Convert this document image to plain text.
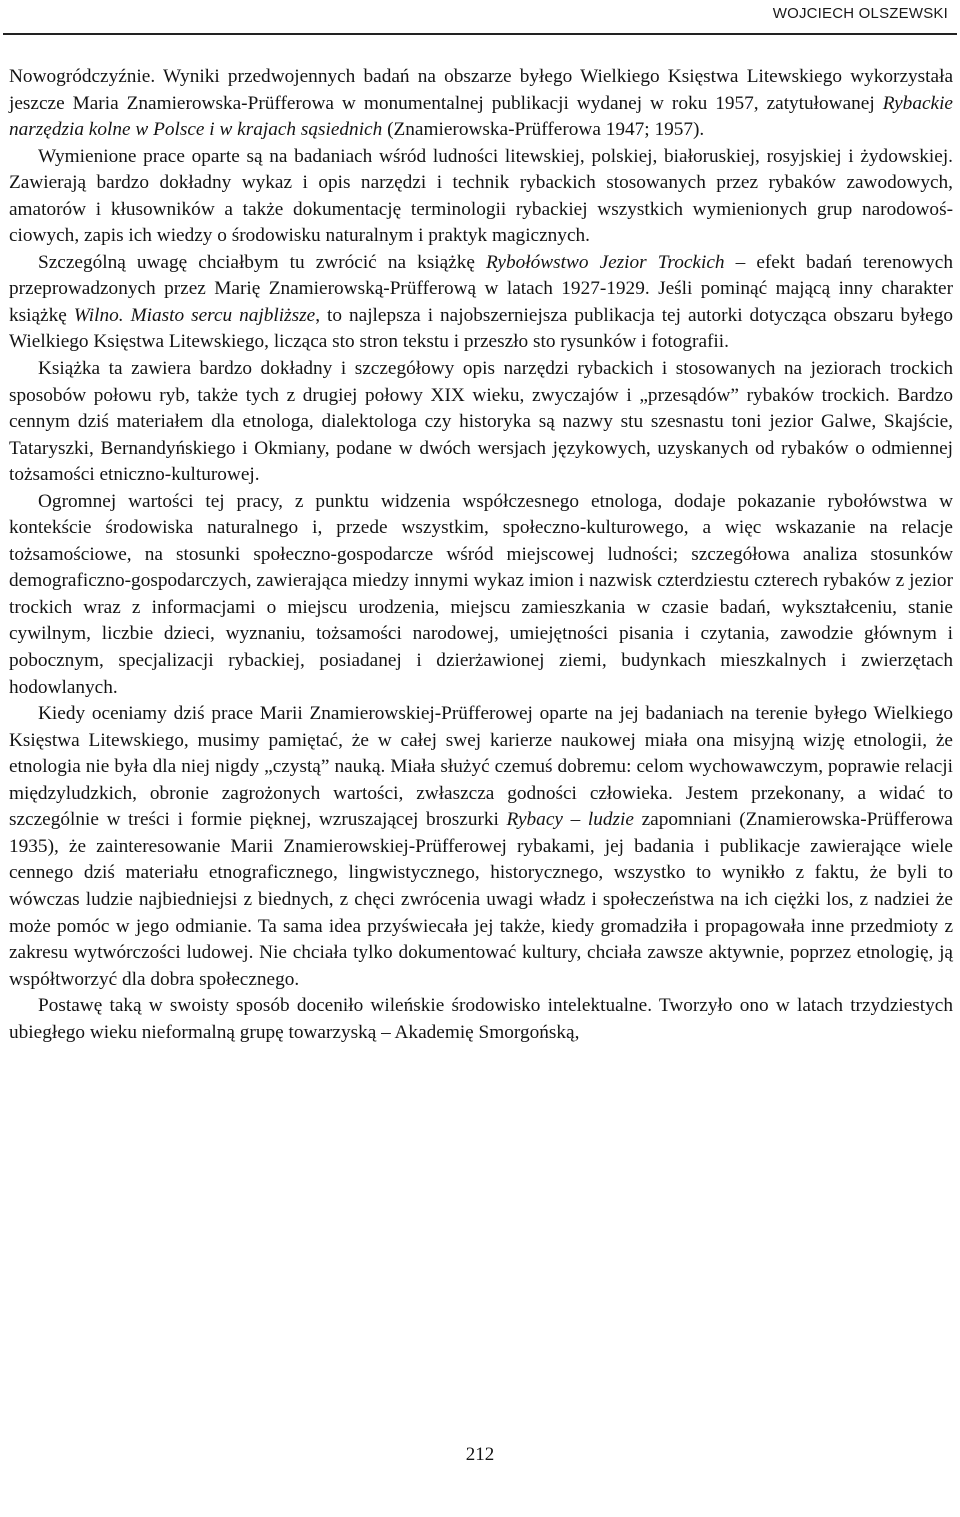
WOJCIECH OLSZEWSKI

Nowogródczyźnie. Wyniki przedwojennych badań na obszarze byłego Wielkiego Księstwa Litewskiego wykorzystała jeszcze Maria Znamierowska-Prüfferowa w monumentalnej publikacji wydanej w roku 1957, zatytułowanej Rybackie narzędzia kolne w Polsce i w krajach sąsiednich (Znamierowska-Prüfferowa 1947; 1957).

Wymienione prace oparte są na badaniach wśród ludności litewskiej, polskiej, białoruskiej, rosyjskiej i żydowskiej. Zawierają bardzo dokładny wykaz i opis narzędzi i technik rybackich stosowanych przez rybaków zawodowych, amatorów i kłusowników a także dokumentację terminologii rybackiej wszystkich wymienionych grup narodowoś-ciowych, zapis ich wiedzy o środowisku naturalnym i praktyk magicznych.

Szczególną uwagę chciałbym tu zwrócić na książkę Rybołówstwo Jezior Trockich – efekt badań terenowych przeprowadzonych przez Marię Znamierowską-Prüfferową w latach 1927-1929. Jeśli pominąć mającą inny charakter książkę Wilno. Miasto sercu najbliższe, to najlepsza i najobszerniejsza publikacja tej autorki dotycząca obszaru byłego Wielkiego Księstwa Litewskiego, licząca sto stron tekstu i przeszło sto rysunków i fotografii.

Książka ta zawiera bardzo dokładny i szczegółowy opis narzędzi rybackich i stosowanych na jeziorach trockich sposobów połowu ryb, także tych z drugiej połowy XIX wieku, zwyczajów i „przesądów” rybaków trockich. Bardzo cennym dziś materiałem dla etnologa, dialektologa czy historyka są nazwy stu szesnastu toni jezior Galwe, Skajście, Tataryszki, Bernandyńskiego i Okmiany, podane w dwóch wersjach językowych, uzyskanych od rybaków o odmiennej tożsamości etniczno-kulturowej.

Ogromnej wartości tej pracy, z punktu widzenia współczesnego etnologa, dodaje pokazanie rybołówstwa w kontekście środowiska naturalnego i, przede wszystkim, społeczno-kulturowego, a więc wskazanie na relacje tożsamościowe, na stosunki społeczno-gospodarcze wśród miejscowej ludności; szczegółowa analiza stosunków demograficzno-gospodarczych, zawierająca miedzy innymi wykaz imion i nazwisk czterdziestu czterech rybaków z jezior trockich wraz z informacjami o miejscu urodzenia, miejscu zamieszkania w czasie badań, wykształceniu, stanie cywilnym, liczbie dzieci, wyznaniu, tożsamości narodowej, umiejętności pisania i czytania, zawodzie głównym i pobocznym, specjalizacji rybackiej, posiadanej i dzierżawionej ziemi, budynkach mieszkalnych i zwierzętach hodowlanych.

Kiedy oceniamy dziś prace Marii Znamierowskiej-Prüfferowej oparte na jej badaniach na terenie byłego Wielkiego Księstwa Litewskiego, musimy pamiętać, że w całej swej karierze naukowej miała ona misyjną wizję etnologii, że etnologia nie była dla niej nigdy „czystą” nauką. Miała służyć czemuś dobremu: celom wychowawczym, poprawie relacji międzyludzkich, obronie zagrożonych wartości, zwłaszcza godności człowieka. Jestem przekonany, a widać to szczególnie w treści i formie pięknej, wzruszającej broszurki Rybacy – ludzie zapomniani (Znamierowska-Prüfferowa 1935), że zainteresowanie Marii Znamierowskiej-Prüfferowej rybakami, jej badania i publikacje zawierające wiele cennego dziś materiału etnograficznego, lingwistycznego, historycznego, wszystko to wynikło z faktu, że byli to wówczas ludzie najbiedniejsi z biednych, z chęci zwrócenia uwagi władz i społeczeństwa na ich ciężki los, z nadziei że może pomóc w jego odmianie. Ta sama idea przyświecała jej także, kiedy gromadziła i propagowała inne przedmioty z zakresu wytwórczości ludowej. Nie chciała tylko dokumentować kultury, chciała zawsze aktywnie, poprzez etnologię, ją współtworzyć dla dobra społecznego.

Postawę taką w swoisty sposób doceniło wileńskie środowisko intelektualne. Tworzyło ono w latach trzydziestych ubiegłego wieku nieformalną grupę towarzyską – Akademię Smorgońską,

212
